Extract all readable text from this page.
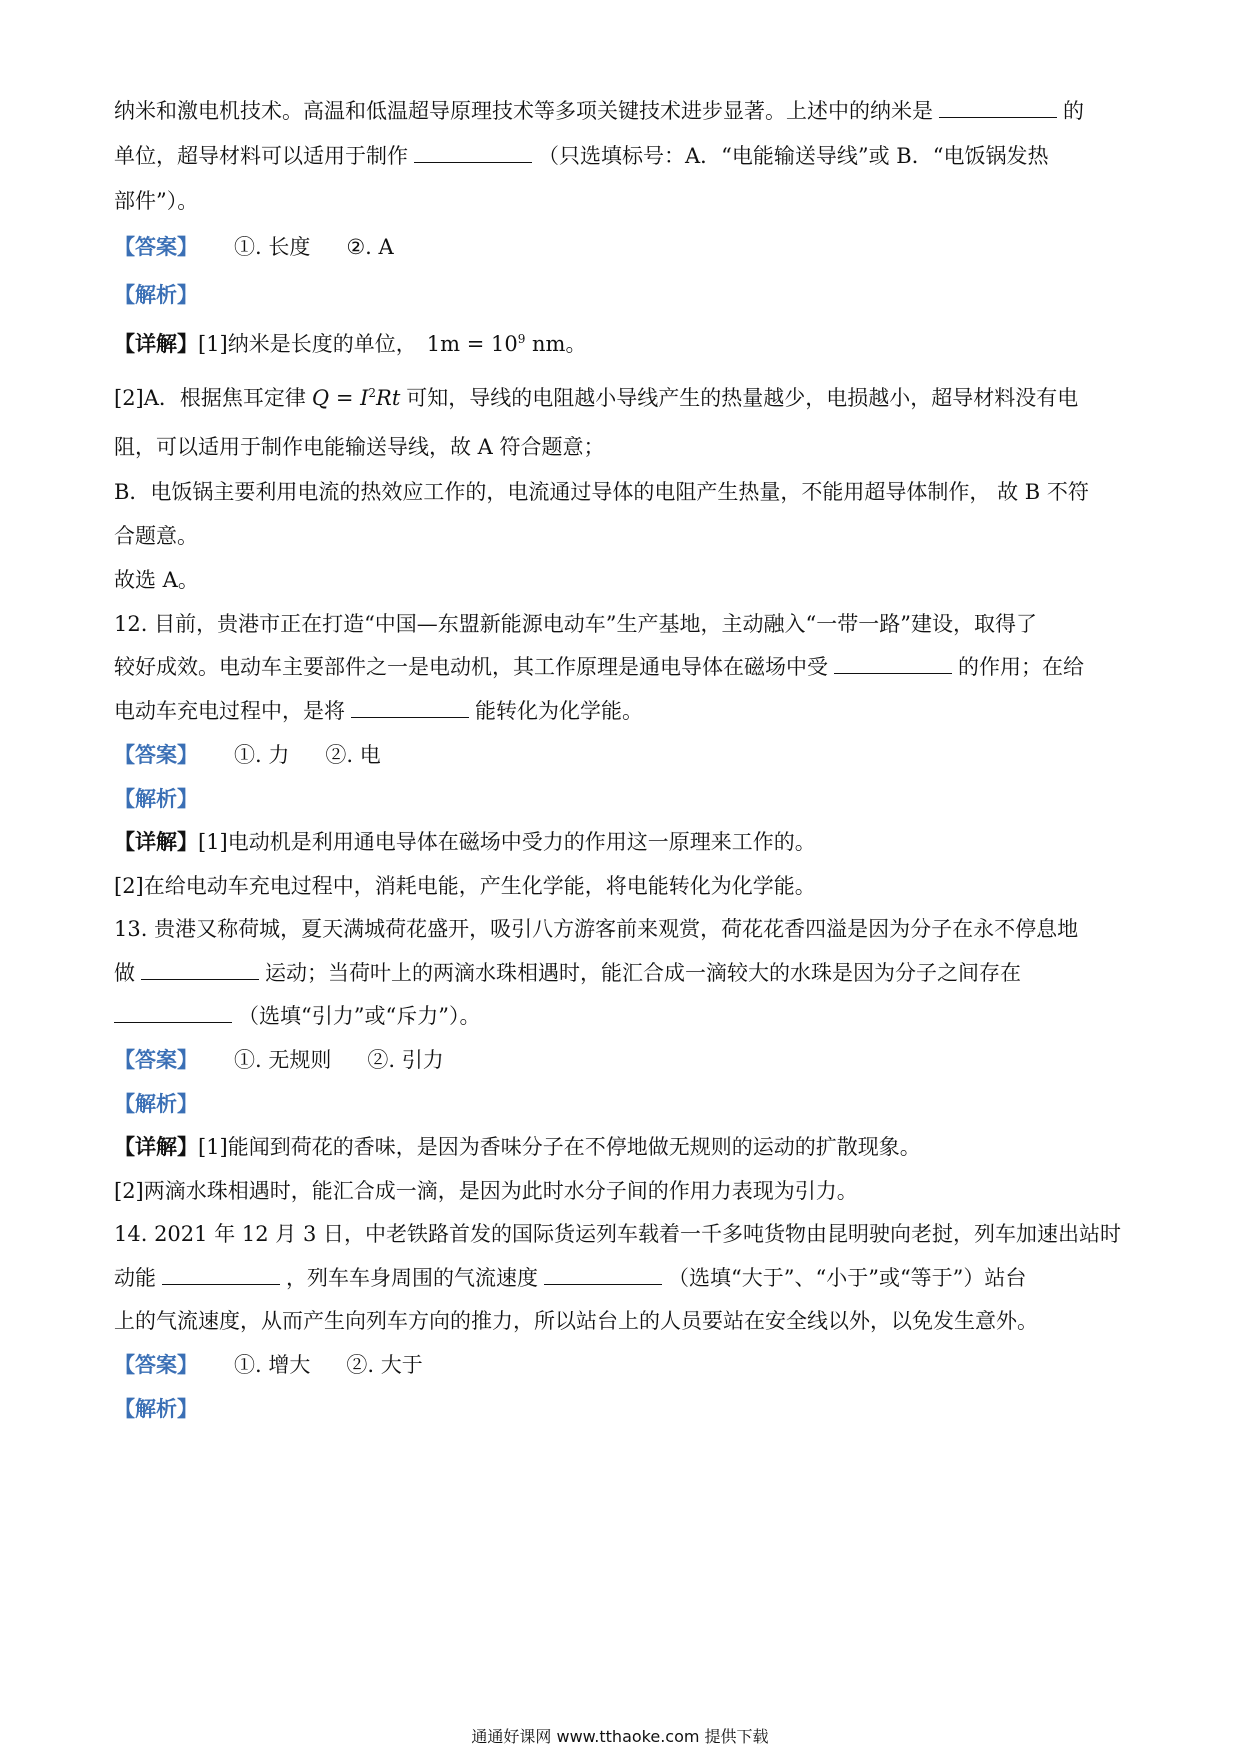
纳米和激电机技术。高温和低温超导原理技术等多项关键技术进步显著。上述中的纳米是	的
单位，超导材料可以适用于制作	（只选填标号：A．“电能输送导线”或 B．“电饭锅发热
部件”）。
【答案】 ①. 长度 ②. A
【解析】
【详解】[1]纳米是长度的单位， $1m = 10^9$ nm。
[2]A．根据焦耳定律 $Q = I^2Rt$ 可知，导线的电阻越小导线产生的热量越少，电损越小，超导材料没有电
阻，可以适用于制作电能输送导线，故 A 符合题意；
B．电饭锅主要利用电流的热效应工作的，电流通过导体的电阻产生热量，不能用超导体制作， 故 B 不符
合题意。
故选 A。
12. 目前，贵港市正在打造“中国—东盟新能源电动车”生产基地，主动融入“一带一路”建设，取得了
较好成效。电动车主要部件之一是电动机，其工作原理是通电导体在磁场中受	的作用；在给
电动车充电过程中，是将	能转化为化学能。
【答案】 ①. 力 ②. 电
【解析】
【详解】[1]电动机是利用通电导体在磁场中受力的作用这一原理来工作的。
[2]在给电动车充电过程中，消耗电能，产生化学能，将电能转化为化学能。
13. 贵港又称荷城，夏天满城荷花盛开，吸引八方游客前来观赏，荷花花香四溢是因为分子在永不停息地
做	运动；当荷叶上的两滴水珠相遇时，能汇合成一滴较大的水珠是因为分子之间存在
（选填“引力”或“斥力”）。
【答案】 ①. 无规则 ②. 引力
【解析】
【详解】[1]能闻到荷花的香味，是因为香味分子在不停地做无规则的运动的扩散现象。
[2]两滴水珠相遇时，能汇合成一滴，是因为此时水分子间的作用力表现为引力。
14. 2021 年 12 月 3 日，中老铁路首发的国际货运列车载着一千多吨货物由昆明驶向老挝，列车加速出站时
动能	，列车车身周围的气流速度	（选填“大于”、“小于”或“等于”）站台
上的气流速度，从而产生向列车方向的推力，所以站台上的人员要站在安全线以外，以免发生意外。
【答案】 ①. 增大 ②. 大于
【解析】
通通好课网 www.tthaoke.com 提供下载
